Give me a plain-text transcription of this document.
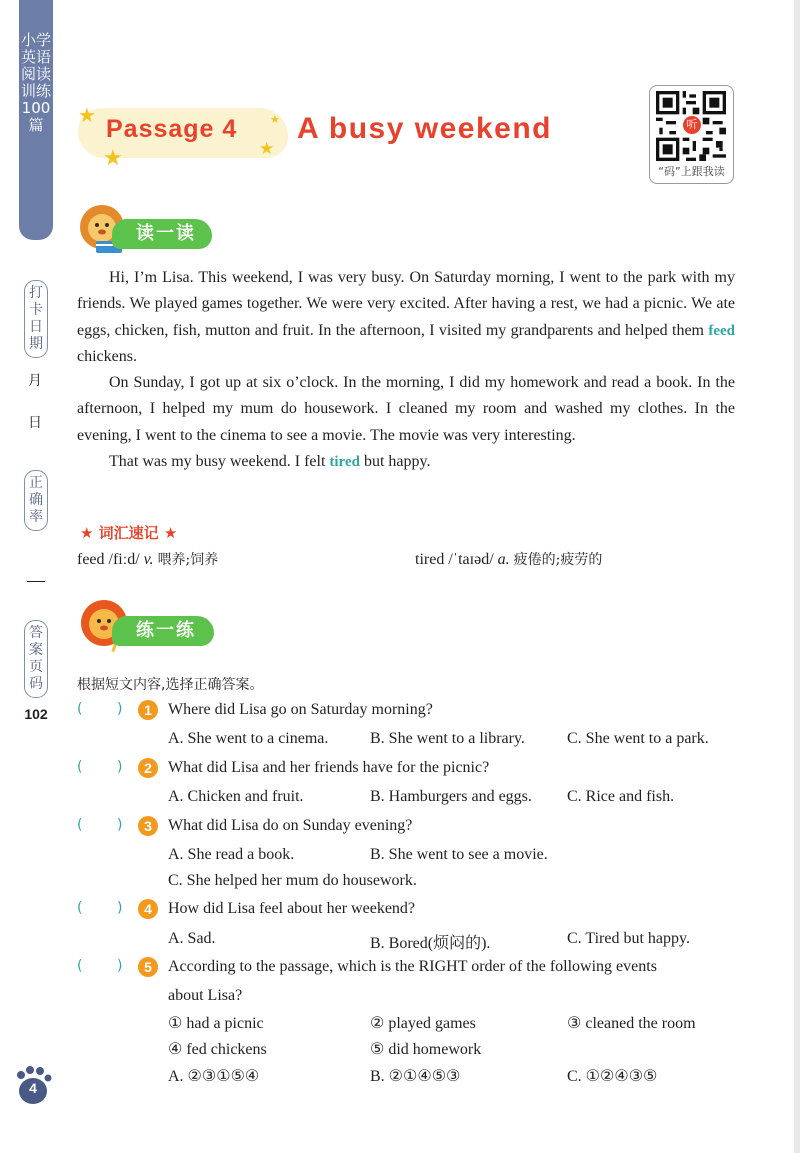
小学英语阅读训练100篇
打卡日期
月
日
正确率
答案页码
102
★
★	★
★
Passage 4 A busy weekend	听
“码”上跟我读
读一读

Hi, I’m Lisa. This weekend, I was very busy. On Saturday morning, I went to the park with my friends. We played games together. We were very excited. After having a rest, we had a picnic. We ate eggs, chicken, fish, mutton and fruit. In the afternoon, I visited my grandparents and helped them feed chickens.

On Sunday, I got up at six o’clock. In the morning, I did my homework and read a book. In the afternoon, I helped my mum do housework. I cleaned my room and washed my clothes. In the evening, I went to the cinema to see a movie. The movie was very interesting.

That was my busy weekend. I felt tired but happy.

★ 词汇速记 ★
feed /fiːd/ v. 喂养;饲养	tired /ˈtaɪəd/ a. 疲倦的;疲劳的
练一练
根据短文内容,选择正确答案。
( )	1	Where did Lisa go on Saturday morning?
A. She went to a cinema.	B. She went to a library.	C. She went to a park.
( )	2	What did Lisa and her friends have for the picnic?
A. Chicken and fruit.	B. Hamburgers and eggs. C. Rice and fish.
( )	3	What did Lisa do on Sunday evening?
A. She read a book.	B. She went to see a movie.
C. She helped her mum do housework.
( )	4	How did Lisa feel about her weekend?
A. Sad.	B. Bored(烦闷的).	C. Tired but happy.
( )	5	According to the passage, which is the RIGHT order of the following events
about Lisa?
① had a picnic	② played games	③ cleaned the room
④ fed chickens	⑤ did homework
A. ②③①⑤④	B. ②①④⑤③	C. ①②④③⑤
4
